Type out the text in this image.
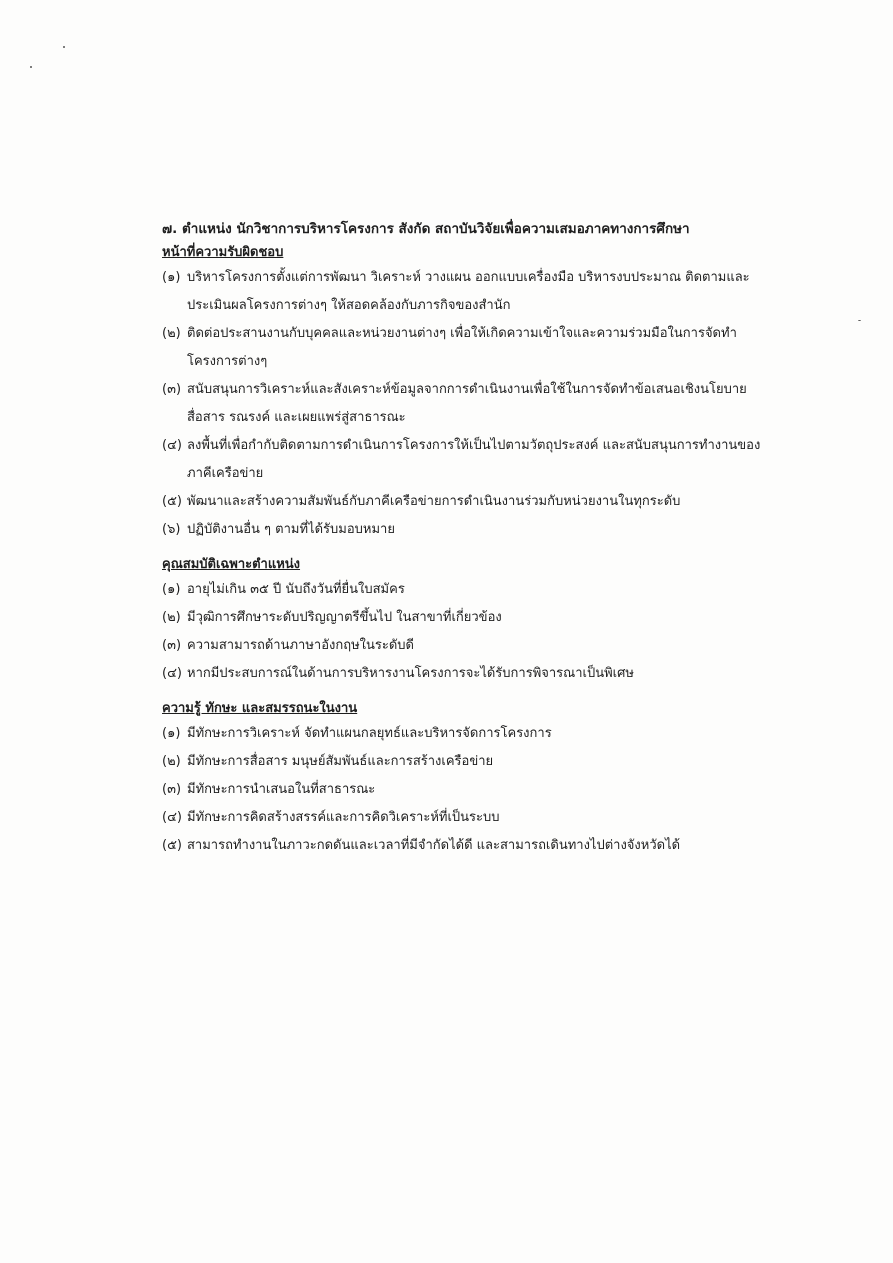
๗. ตำแหน่ง นักวิชาการบริหารโครงการ สังกัด สถาบันวิจัยเพื่อความเสมอภาคทางการศึกษา
หน้าที่ความรับผิดชอบ
(๑) บริหารโครงการตั้งแต่การพัฒนา วิเคราะห์ วางแผน ออกแบบเครื่องมือ บริหารงบประมาณ ติดตามและ
ประเมินผลโครงการต่างๆ ให้สอดคล้องกับภารกิจของสำนัก
(๒) ติดต่อประสานงานกับบุคคลและหน่วยงานต่างๆ เพื่อให้เกิดความเข้าใจและความร่วมมือในการจัดทำ
โครงการต่างๆ
(๓) สนับสนุนการวิเคราะห์และสังเคราะห์ข้อมูลจากการดำเนินงานเพื่อใช้ในการจัดทำข้อเสนอเชิงนโยบาย
สื่อสาร รณรงค์ และเผยแพร่สู่สาธารณะ
(๔) ลงพื้นที่เพื่อกำกับติดตามการดำเนินการโครงการให้เป็นไปตามวัตถุประสงค์ และสนับสนุนการทำงานของ
ภาคีเครือข่าย
(๕) พัฒนาและสร้างความสัมพันธ์กับภาคีเครือข่ายการดำเนินงานร่วมกับหน่วยงานในทุกระดับ
(๖) ปฏิบัติงานอื่น ๆ ตามที่ได้รับมอบหมาย
คุณสมบัติเฉพาะตำแหน่ง
(๑) อายุไม่เกิน ๓๕ ปี นับถึงวันที่ยื่นใบสมัคร
(๒) มีวุฒิการศึกษาระดับปริญญาตรีขึ้นไป ในสาขาที่เกี่ยวข้อง
(๓) ความสามารถด้านภาษาอังกฤษในระดับดี
(๔) หากมีประสบการณ์ในด้านการบริหารงานโครงการจะได้รับการพิจารณาเป็นพิเศษ
ความรู้ ทักษะ และสมรรถนะในงาน
(๑) มีทักษะการวิเคราะห์ จัดทำแผนกลยุทธ์และบริหารจัดการโครงการ
(๒) มีทักษะการสื่อสาร มนุษย์สัมพันธ์และการสร้างเครือข่าย
(๓) มีทักษะการนำเสนอในที่สาธารณะ
(๔) มีทักษะการคิดสร้างสรรค์และการคิดวิเคราะห์ที่เป็นระบบ
(๕) สามารถทำงานในภาวะกดดันและเวลาที่มีจำกัดได้ดี และสามารถเดินทางไปต่างจังหวัดได้
